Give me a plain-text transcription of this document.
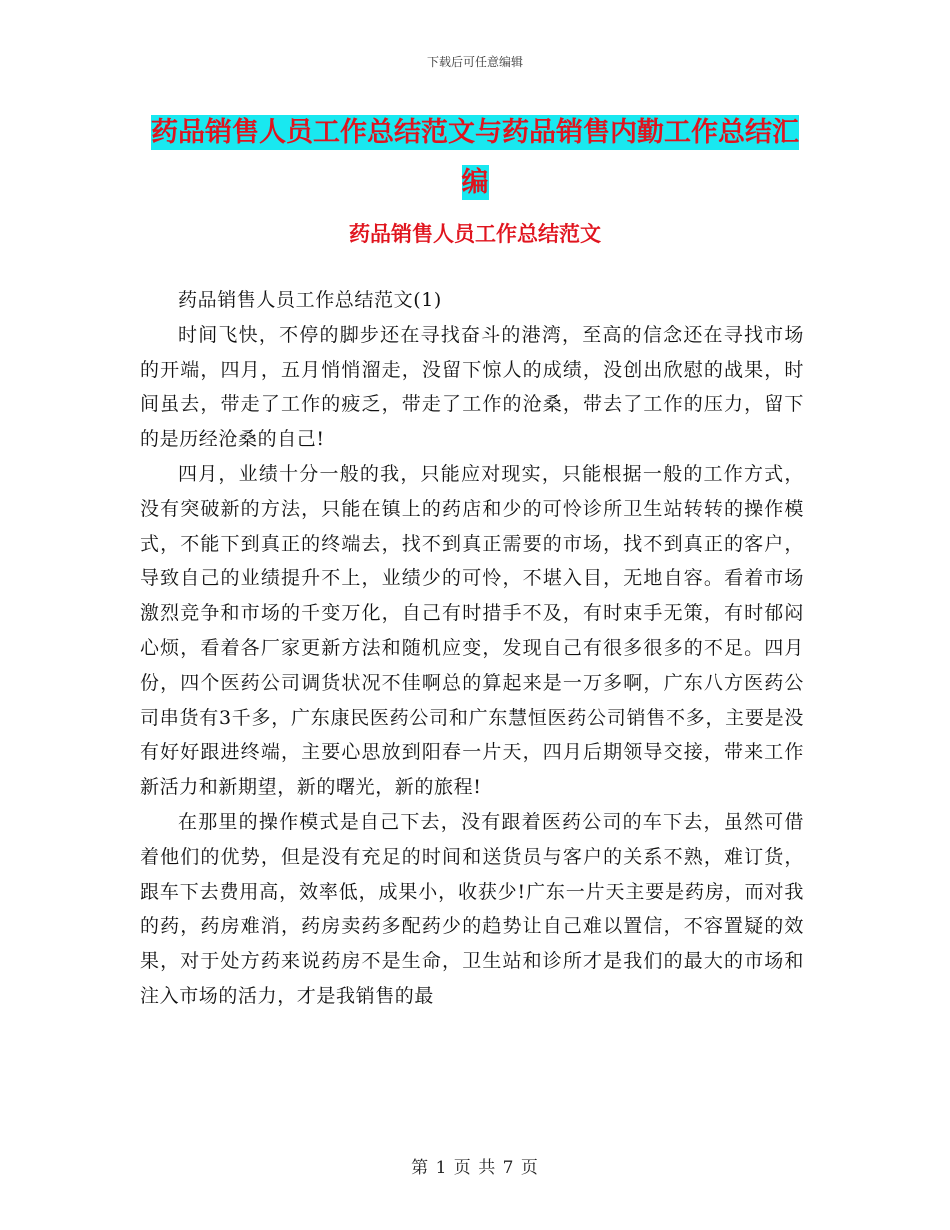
下载后可任意编辑
药品销售人员工作总结范文与药品销售内勤工作总结汇编
药品销售人员工作总结范文

药品销售人员工作总结范文(1)

时间飞快，不停的脚步还在寻找奋斗的港湾，至高的信念还在寻找市场的开端，四月，五月悄悄溜走，没留下惊人的成绩，没创出欣慰的战果，时间虽去，带走了工作的疲乏，带走了工作的沧桑，带去了工作的压力，留下的是历经沧桑的自己!

四月，业绩十分一般的我，只能应对现实，只能根据一般的工作方式，没有突破新的方法，只能在镇上的药店和少的可怜诊所卫生站转转的操作模式，不能下到真正的终端去，找不到真正需要的市场，找不到真正的客户，导致自己的业绩提升不上，业绩少的可怜，不堪入目，无地自容。看着市场激烈竞争和市场的千变万化，自己有时措手不及，有时束手无策，有时郁闷心烦，看着各厂家更新方法和随机应变，发现自己有很多很多的不足。四月份，四个医药公司调货状况不佳啊总的算起来是一万多啊，广东八方医药公司串货有3千多，广东康民医药公司和广东慧恒医药公司销售不多，主要是没有好好跟进终端，主要心思放到阳春一片天，四月后期领导交接，带来工作新活力和新期望，新的曙光，新的旅程!

在那里的操作模式是自己下去，没有跟着医药公司的车下去，虽然可借着他们的优势，但是没有充足的时间和送货员与客户的关系不熟，难订货，跟车下去费用高，效率低，成果小，收获少!广东一片天主要是药房，而对我的药，药房难消，药房卖药多配药少的趋势让自己难以置信，不容置疑的效果，对于处方药来说药房不是生命，卫生站和诊所才是我们的最大的市场和注入市场的活力，才是我销售的最

第 1 页 共 7 页
